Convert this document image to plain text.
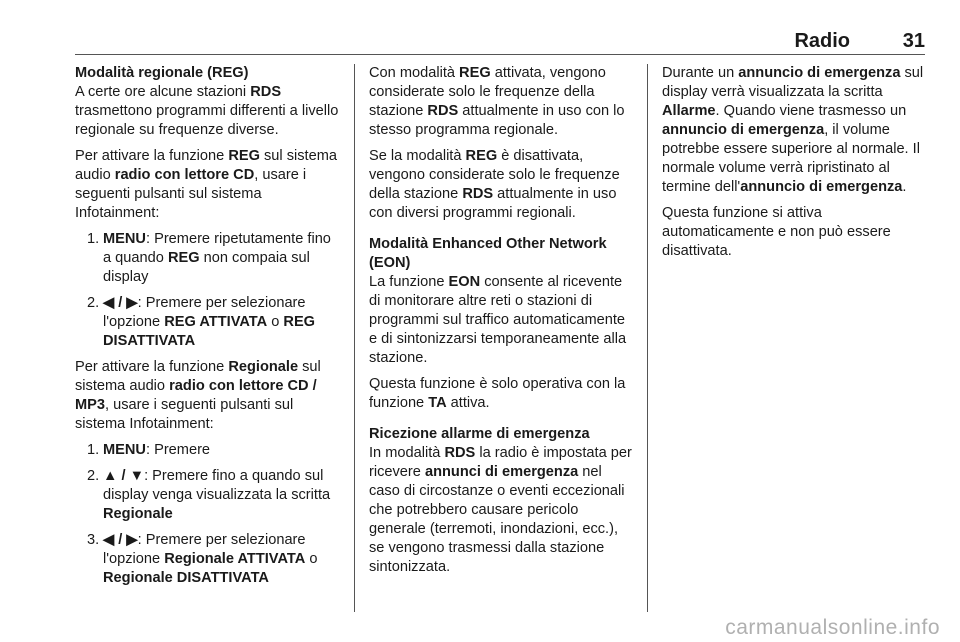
Radio	31
Modalità regionale (REG)

A certe ore alcune stazioni RDS trasmettono programmi differenti a livello regionale su frequenze diverse.

Per attivare la funzione REG sul sistema audio radio con lettore CD, usare i seguenti pulsanti sul sistema Infotainment:

1. MENU: Premere ripetutamente fino a quando REG non compaia sul display
2. ◀ / ▶: Premere per selezionare l'opzione REG ATTIVATA o REG DISATTIVATA

Per attivare la funzione Regionale sul sistema audio radio con lettore CD / MP3, usare i seguenti pulsanti sul sistema Infotainment:

1. MENU: Premere
2. ▲ / ▼: Premere fino a quando sul display venga visualizzata la scritta Regionale
3. ◀ / ▶: Premere per selezionare l'opzione Regionale ATTIVATA o Regionale DISATTIVATA

Con modalità REG attivata, vengono considerate solo le frequenze della stazione RDS attualmente in uso con lo stesso programma regionale.

Se la modalità REG è disattivata, vengono considerate solo le frequenze della stazione RDS attualmente in uso con diversi programmi regionali.

Modalità Enhanced Other Network (EON)

La funzione EON consente al ricevente di monitorare altre reti o stazioni di programmi sul traffico automaticamente e di sintonizzarsi temporaneamente alla stazione.

Questa funzione è solo operativa con la funzione TA attiva.

Ricezione allarme di emergenza

In modalità RDS la radio è impostata per ricevere annunci di emergenza nel caso di circostanze o eventi eccezionali che potrebbero causare pericolo generale (terremoti, inondazioni, ecc.), se vengono trasmessi dalla stazione sintonizzata.

Durante un annuncio di emergenza sul display verrà visualizzata la scritta Allarme. Quando viene trasmesso un annuncio di emergenza, il volume potrebbe essere superiore al normale. Il normale volume verrà ripristinato al termine dell'annuncio di emergenza.

Questa funzione si attiva automaticamente e non può essere disattivata.

carmanualsonline.info
